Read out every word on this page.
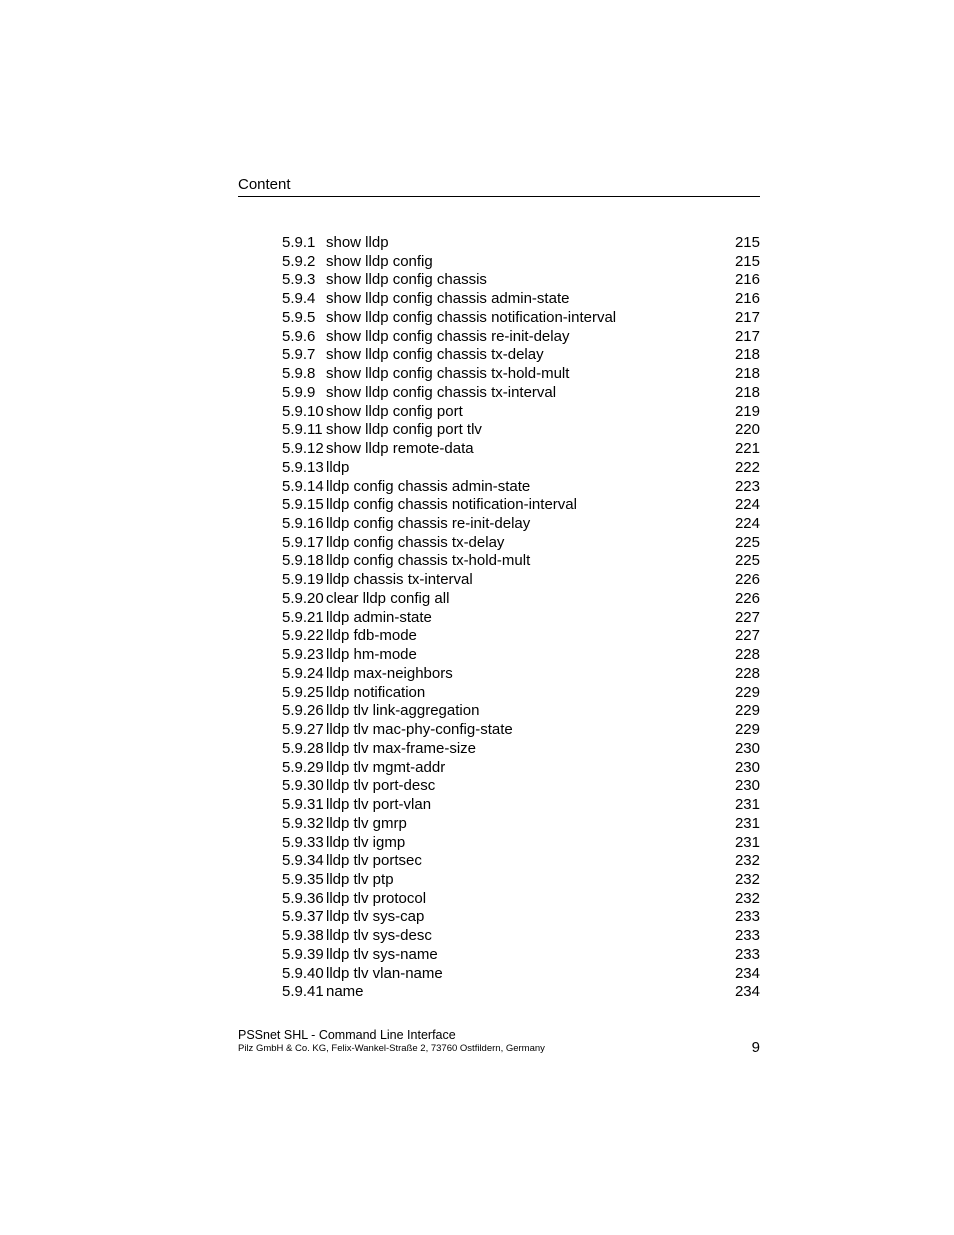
Content
5.9.1 show lldp	215
5.9.2 show lldp config	215
5.9.3 show lldp config chassis	216
5.9.4 show lldp config chassis admin-state	216
5.9.5 show lldp config chassis notification-interval	217
5.9.6 show lldp config chassis re-init-delay	217
5.9.7 show lldp config chassis tx-delay	218
5.9.8 show lldp config chassis tx-hold-mult	218
5.9.9 show lldp config chassis tx-interval	218
5.9.10 show lldp config port	219
5.9.11 show lldp config port tlv	220
5.9.12 show lldp remote-data	221
5.9.13 lldp	222
5.9.14 lldp config chassis admin-state	223
5.9.15 lldp config chassis notification-interval	224
5.9.16 lldp config chassis re-init-delay	224
5.9.17 lldp config chassis tx-delay	225
5.9.18 lldp config chassis tx-hold-mult	225
5.9.19 lldp chassis tx-interval	226
5.9.20 clear lldp config all	226
5.9.21 lldp admin-state	227
5.9.22 lldp fdb-mode	227
5.9.23 lldp hm-mode	228
5.9.24 lldp max-neighbors	228
5.9.25 lldp notification	229
5.9.26 lldp tlv link-aggregation	229
5.9.27 lldp tlv mac-phy-config-state	229
5.9.28 lldp tlv max-frame-size	230
5.9.29 lldp tlv mgmt-addr	230
5.9.30 lldp tlv port-desc	230
5.9.31 lldp tlv port-vlan	231
5.9.32 lldp tlv gmrp	231
5.9.33 lldp tlv igmp	231
5.9.34 lldp tlv portsec	232
5.9.35 lldp tlv ptp	232
5.9.36 lldp tlv protocol	232
5.9.37 lldp tlv sys-cap	233
5.9.38 lldp tlv sys-desc	233
5.9.39 lldp tlv sys-name	233
5.9.40 lldp tlv vlan-name	234
5.9.41 name	234
PSSnet SHL - Command Line Interface
Pilz GmbH & Co. KG, Felix-Wankel-Straße 2, 73760 Ostfildern, Germany	9
